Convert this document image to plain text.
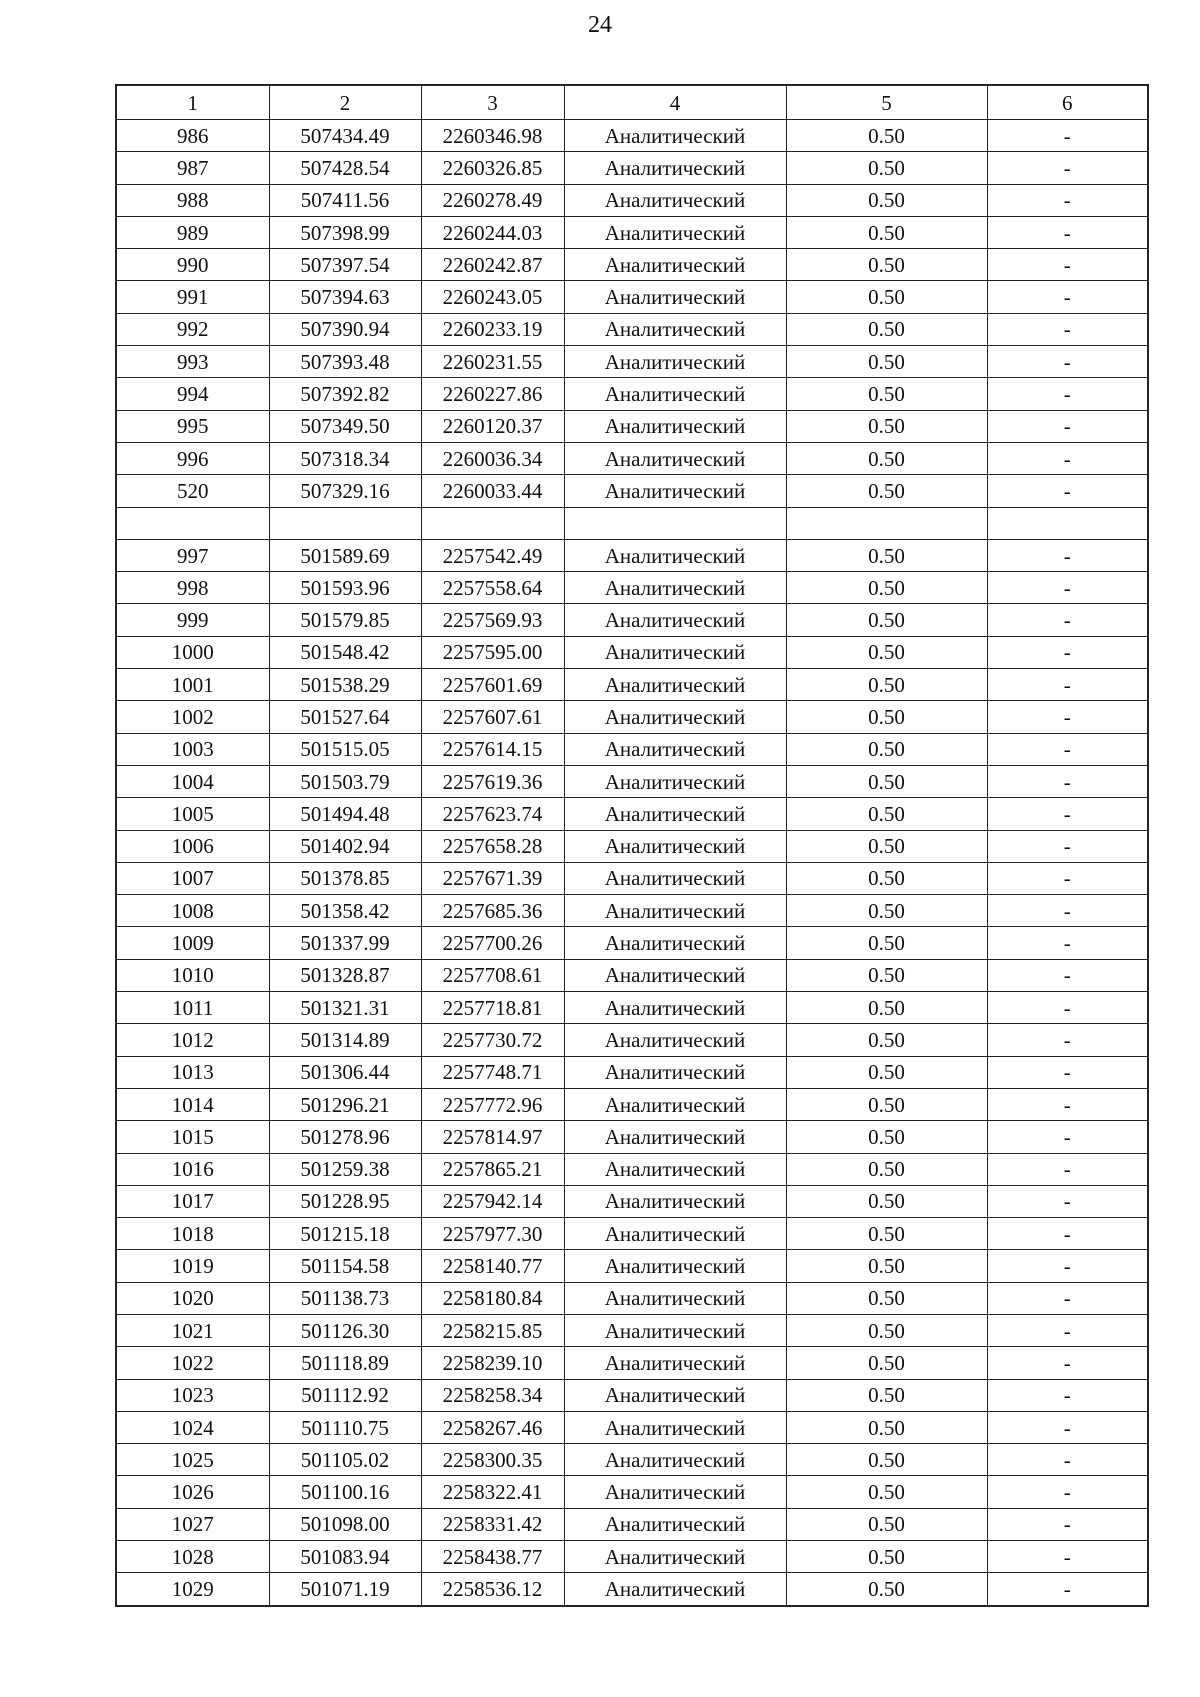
24
1	2	3	4	5	6
986	507434.49	2260346.98	Аналитический	0.50	-
987	507428.54	2260326.85	Аналитический	0.50	-
988	507411.56	2260278.49	Аналитический	0.50	-
989	507398.99	2260244.03	Аналитический	0.50	-
990	507397.54	2260242.87	Аналитический	0.50	-
991	507394.63	2260243.05	Аналитический	0.50	-
992	507390.94	2260233.19	Аналитический	0.50	-
993	507393.48	2260231.55	Аналитический	0.50	-
994	507392.82	2260227.86	Аналитический	0.50	-
995	507349.50	2260120.37	Аналитический	0.50	-
996	507318.34	2260036.34	Аналитический	0.50	-
520	507329.16	2260033.44	Аналитический	0.50	-

997	501589.69	2257542.49	Аналитический	0.50	-
998	501593.96	2257558.64	Аналитический	0.50	-
999	501579.85	2257569.93	Аналитический	0.50	-
1000	501548.42	2257595.00	Аналитический	0.50	-
1001	501538.29	2257601.69	Аналитический	0.50	-
1002	501527.64	2257607.61	Аналитический	0.50	-
1003	501515.05	2257614.15	Аналитический	0.50	-
1004	501503.79	2257619.36	Аналитический	0.50	-
1005	501494.48	2257623.74	Аналитический	0.50	-
1006	501402.94	2257658.28	Аналитический	0.50	-
1007	501378.85	2257671.39	Аналитический	0.50	-
1008	501358.42	2257685.36	Аналитический	0.50	-
1009	501337.99	2257700.26	Аналитический	0.50	-
1010	501328.87	2257708.61	Аналитический	0.50	-
1011	501321.31	2257718.81	Аналитический	0.50	-
1012	501314.89	2257730.72	Аналитический	0.50	-
1013	501306.44	2257748.71	Аналитический	0.50	-
1014	501296.21	2257772.96	Аналитический	0.50	-
1015	501278.96	2257814.97	Аналитический	0.50	-
1016	501259.38	2257865.21	Аналитический	0.50	-
1017	501228.95	2257942.14	Аналитический	0.50	-
1018	501215.18	2257977.30	Аналитический	0.50	-
1019	501154.58	2258140.77	Аналитический	0.50	-
1020	501138.73	2258180.84	Аналитический	0.50	-
1021	501126.30	2258215.85	Аналитический	0.50	-
1022	501118.89	2258239.10	Аналитический	0.50	-
1023	501112.92	2258258.34	Аналитический	0.50	-
1024	501110.75	2258267.46	Аналитический	0.50	-
1025	501105.02	2258300.35	Аналитический	0.50	-
1026	501100.16	2258322.41	Аналитический	0.50	-
1027	501098.00	2258331.42	Аналитический	0.50	-
1028	501083.94	2258438.77	Аналитический	0.50	-
1029	501071.19	2258536.12	Аналитический	0.50	-
